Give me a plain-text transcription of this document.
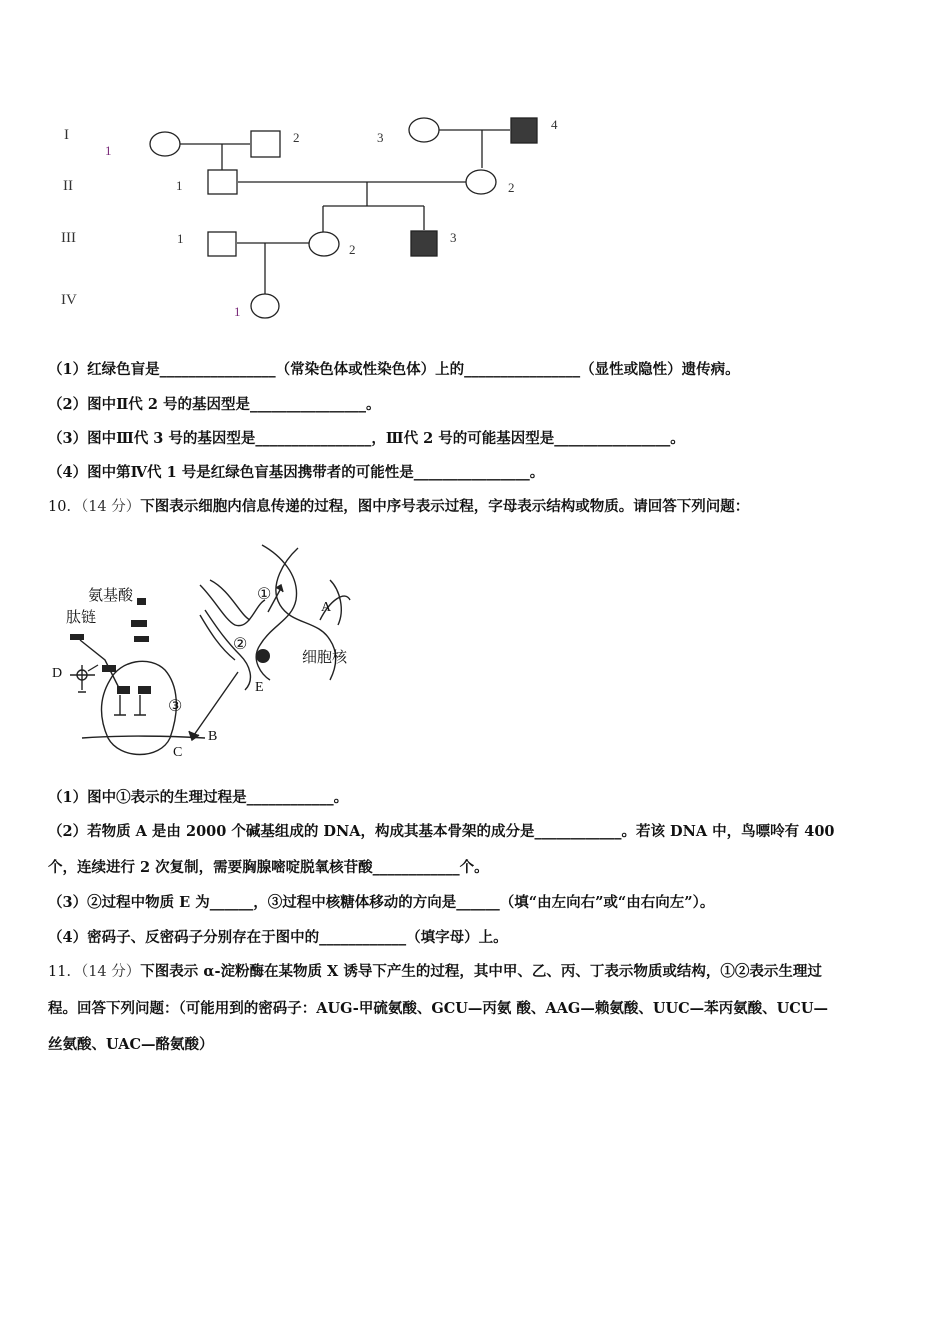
I
II
III
IV
1
2	3
4
1	2
1
2
3
1
（1）红绿色盲是________________（常染色体或性染色体）上的________________（显性或隐性）遗传病。
（2）图中Ⅱ代 2 号的基因型是________________。
（3）图中Ⅲ代 3 号的基因型是________________，Ⅲ代 2 号的可能基因型是________________。
（4）图中第Ⅳ代 1 号是红绿色盲基因携带者的可能性是________________。
10．（14 分）下图表示细胞内信息传递的过程，图中序号表示过程，字母表示结构或物质。请回答下列问题：
氨基酸
肽链
细胞核
D
A
B
C
E
①
②
③
（1）图中①表示的生理过程是____________。
（2）若物质 A 是由 2000 个碱基组成的 DNA，构成其基本骨架的成分是____________。若该 DNA 中，鸟嘌呤有 400
个，连续进行 2 次复制，需要胸腺嘧啶脱氧核苷酸____________个。
（3）②过程中物质 E 为______，③过程中核糖体移动的方向是______（填“由左向右”或“由右向左”）。
（4）密码子、反密码子分别存在于图中的____________（填字母）上。
11．（14 分）下图表示 α-淀粉酶在某物质 X 诱导下产生的过程，其中甲、乙、丙、丁表示物质或结构，①②表示生理过
程。回答下列问题：（可能用到的密码子：AUG-甲硫氨酸、GCU—丙氨 酸、AAG—赖氨酸、UUC—苯丙氨酸、UCU—
丝氨酸、UAC—酪氨酸）
